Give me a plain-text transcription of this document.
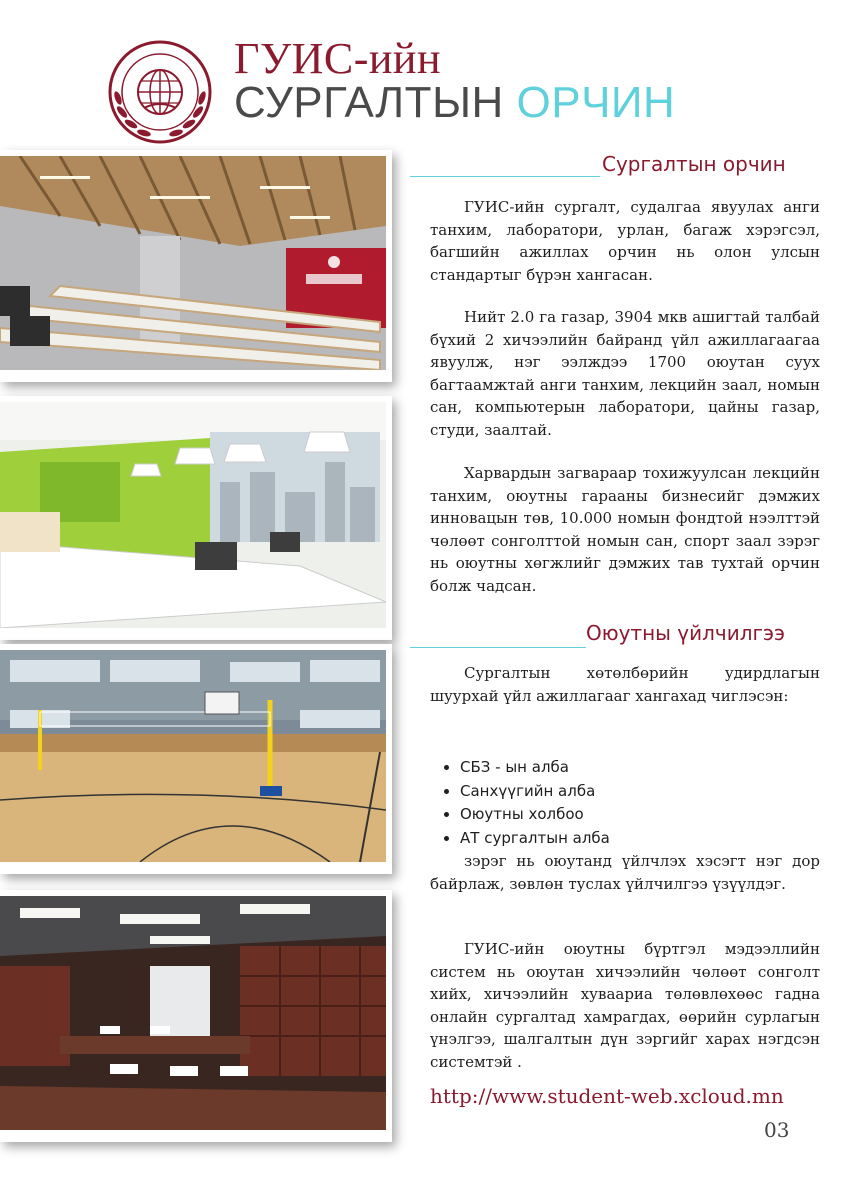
ГУИС-ийн
СУРГАЛТЫН ОРЧИН
Сургалтын орчин

ГУИС-ийн сургалт, судалгаа явуулах анги танхим, лаборатори, урлан, багаж хэрэгсэл, багшийн ажиллах орчин нь олон улсын стандартыг бүрэн хангасан.

Нийт 2.0 га газар, 3904 мкв ашигтай талбай бүхий 2 хичээлийн байранд үйл ажиллагаагаа явуулж, нэг ээлждээ 1700 оюутан суух багтаамжтай анги танхим, лекцийн заал, номын сан, компьютерын лаборатори, цайны газар, студи, заалтай.

Харвардын загвараар тохижуулсан лекцийн танхим, оюутны гарааны бизнесийг дэмжих инновацын төв, 10.000 номын фондтой нээлттэй чөлөөт сонголттой номын сан, спорт заал зэрэг нь оюутны хөгжлийг дэмжих тав тухтай орчин болж чадсан.

Оюутны үйлчилгээ

Сургалтын хөтөлбөрийн удирдлагын шуурхай үйл ажиллагааг хангахад чиглэсэн:

• СБЗ - ын алба
• Санхүүгийн алба
• Оюутны холбоо
• АТ сургалтын алба

зэрэг нь оюутанд үйлчлэх хэсэгт нэг дор байрлаж, зөвлөн туслах үйлчилгээ үзүүлдэг.

ГУИС-ийн оюутны бүртгэл мэдээллийн систем нь оюутан хичээлийн чөлөөт сонголт хийх, хичээлийн хуваариа төлөвлөхөөс гадна онлайн сургалтад хамрагдах, өөрийн сурлагын үнэлгээ, шалгалтын дүн зэргийг харах нэгдсэн системтэй .

http://www.student-web.xcloud.mn
03
